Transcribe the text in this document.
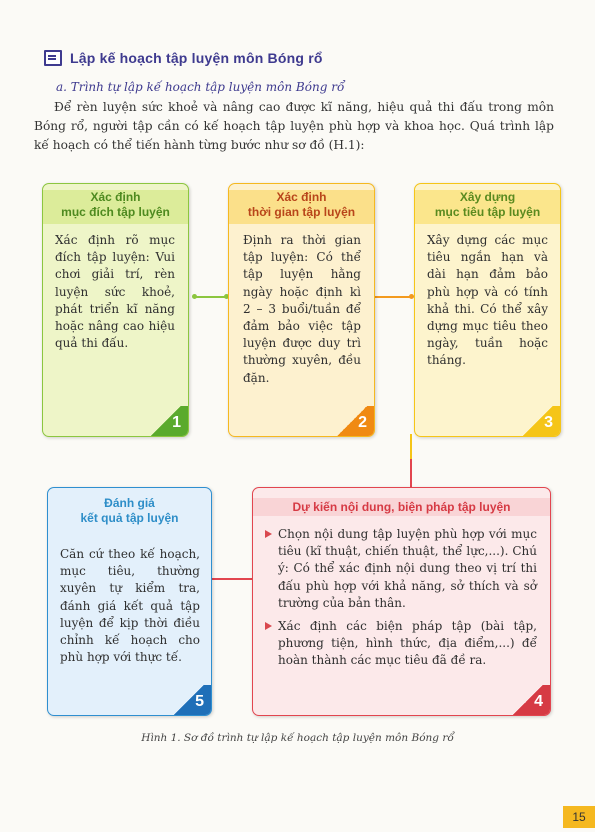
Lập kế hoạch tập luyện môn Bóng rổ
a. Trình tự lập kế hoạch tập luyện môn Bóng rổ
Để rèn luyện sức khoẻ và nâng cao được kĩ năng, hiệu quả thi đấu trong môn Bóng rổ, người tập cần có kế hoạch tập luyện phù hợp và khoa học. Quá trình lập kế hoạch có thể tiến hành từng bước như sơ đồ (H.1):
Xác định
mục đích tập luyện
Xác định rõ mục đích tập luyện: Vui chơi giải trí, rèn luyện sức khoẻ, phát triển kĩ năng hoặc nâng cao hiệu quả thi đấu.
1
Xác định
thời gian tập luyện
Định ra thời gian tập luyện: Có thể tập luyện hằng ngày hoặc định kì 2 – 3 buổi/tuần để đảm bảo việc tập luyện được duy trì thường xuyên, đều đặn.
2
Xây dựng
mục tiêu tập luyện
Xây dựng các mục tiêu ngắn hạn và dài hạn đảm bảo phù hợp và có tính khả thi. Có thể xây dựng mục tiêu theo ngày, tuần hoặc tháng.
3
Đánh giá
kết quả tập luyện
Căn cứ theo kế hoạch, mục tiêu, thường xuyên tự kiểm tra, đánh giá kết quả tập luyện để kịp thời điều chỉnh kế hoạch cho phù hợp với thực tế.
5
Dự kiến nội dung, biện pháp tập luyện
Chọn nội dung tập luyện phù hợp với mục tiêu (kĩ thuật, chiến thuật, thể lực,...). Chú ý: Có thể xác định nội dung theo vị trí thi đấu phù hợp với khả năng, sở thích và sở trường của bản thân.
Xác định các biện pháp tập (bài tập, phương tiện, hình thức, địa điểm,...) để hoàn thành các mục tiêu đã đề ra.
4
Hình 1. Sơ đồ trình tự lập kế hoạch tập luyện môn Bóng rổ
15
